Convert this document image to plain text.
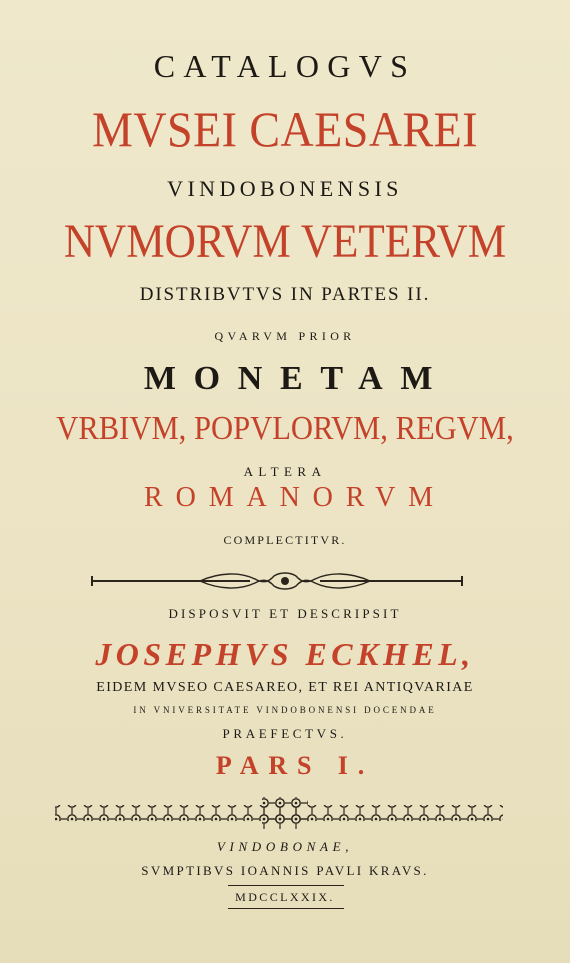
CATALOGVS
MVSEI CAESAREI
VINDOBONENSIS
NVMORVM VETERVM
DISTRIBVTVS IN PARTES II.
QVARVM PRIOR
MONETAM
VRBIVM, POPVLORVM, REGVM,
ALTERA
ROMANORVM
COMPLECTITVR.
DISPOSVIT ET DESCRIPSIT
JOSEPHVS ECKHEL,
EIDEM MVSEO CAESAREO, ET REI ANTIQVARIAE
IN VNIVERSITATE VINDOBONENSI DOCENDAE
PRAEFECTVS.
PARS I.
VINDOBONAE,
SVMPTIBVS IOANNIS PAVLI KRAVS.
MDCCLXXIX.
